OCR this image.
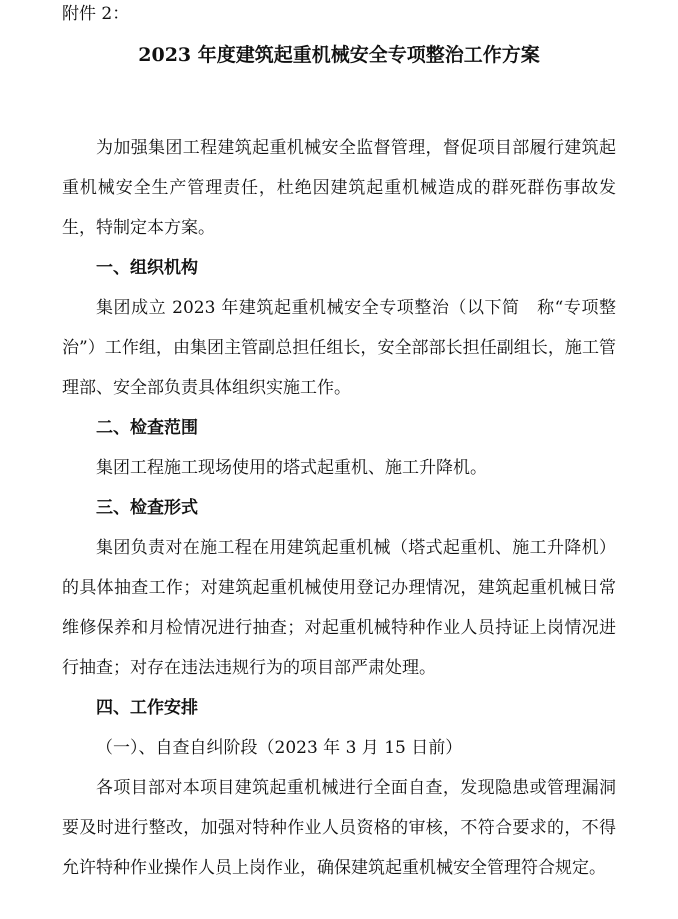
附件 2：
2023 年度建筑起重机械安全专项整治工作方案

为加强集团工程建筑起重机械安全监督管理，督促项目部履行建筑起重机械安全生产管理责任，杜绝因建筑起重机械造成的群死群伤事故发生，特制定本方案。

一、组织机构

集团成立 2023 年建筑起重机械安全专项整治（以下简　称“专项整治”）工作组，由集团主管副总担任组长，安全部部长担任副组长，施工管理部、安全部负责具体组织实施工作。

二、检查范围

集团工程施工现场使用的塔式起重机、施工升降机。

三、检查形式

集团负责对在施工程在用建筑起重机械（塔式起重机、施工升降机）的具体抽查工作；对建筑起重机械使用登记办理情况，建筑起重机械日常维修保养和月检情况进行抽查；对起重机械特种作业人员持证上岗情况进行抽查；对存在违法违规行为的项目部严肃处理。

四、工作安排

（一）、自查自纠阶段（2023 年 3 月 15 日前）

各项目部对本项目建筑起重机械进行全面自查，发现隐患或管理漏洞要及时进行整改，加强对特种作业人员资格的审核，不符合要求的，不得允许特种作业操作人员上岗作业，确保建筑起重机械安全管理符合规定。
